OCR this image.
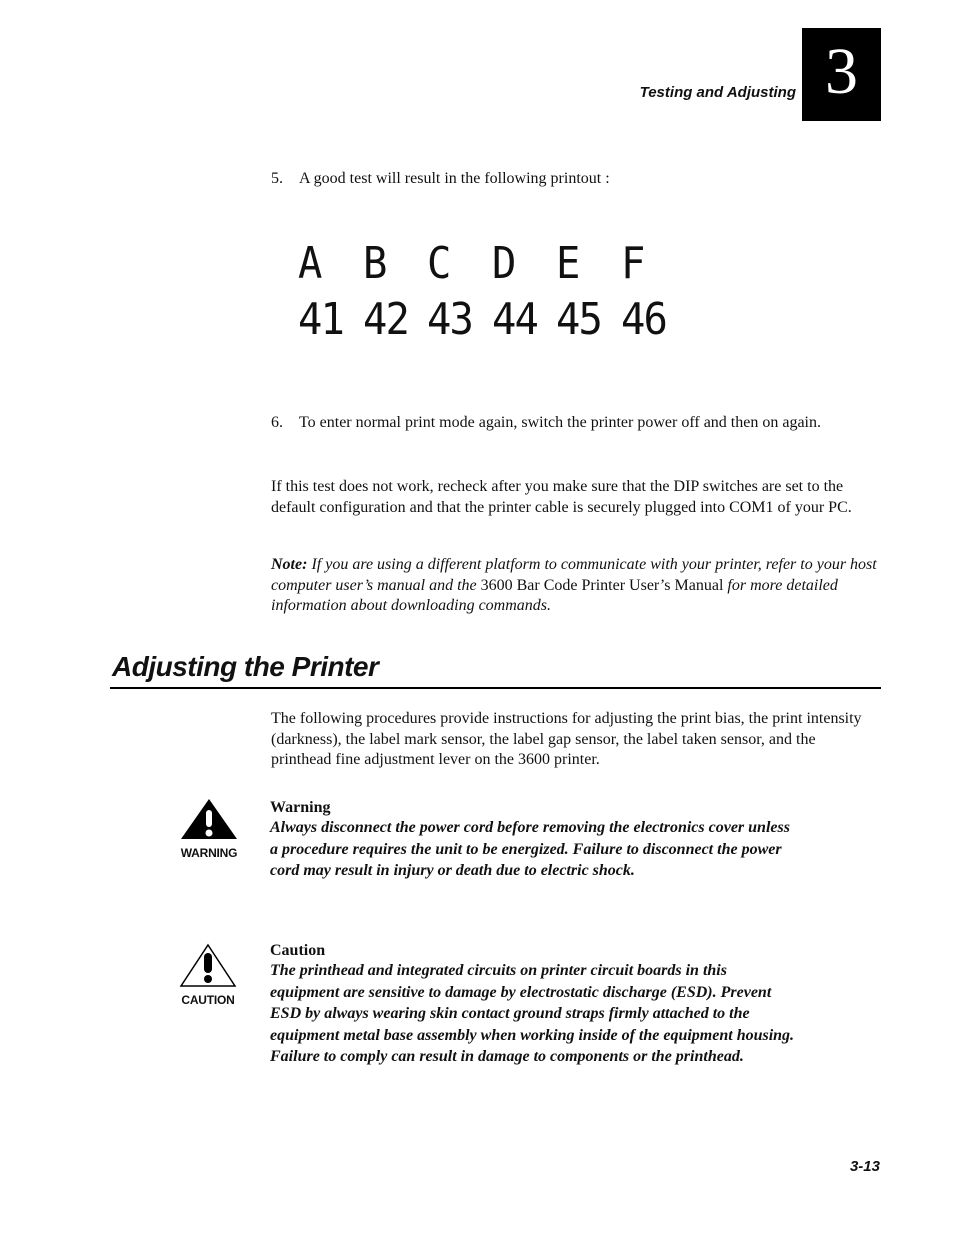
Testing and Adjusting 3
5.	A good test will result in the following printout :
A B C D E F
41 42 43 44 45 46
6.	To enter normal print mode again, switch the printer power off and then on again.
If this test does not work, recheck after you make sure that the DIP switches are set to the default configuration and that the printer cable is securely plugged into COM1 of your PC.
Note: If you are using a different platform to communicate with your printer, refer to your host computer user’s manual and the 3600 Bar Code Printer User’s Manual for more detailed information about downloading commands.
Adjusting the Printer
The following procedures provide instructions for adjusting the print bias, the print intensity (darkness), the label mark sensor, the label gap sensor, the label taken sensor, and the printhead fine adjustment lever on the 3600 printer.
WARNING
Warning
Always disconnect the power cord before removing the electronics cover unless a procedure requires the unit to be energized. Failure to disconnect the power cord may result in injury or death due to electric shock.
CAUTION
Caution
The printhead and integrated circuits on printer circuit boards in this equipment are sensitive to damage by electrostatic discharge (ESD). Prevent ESD by always wearing skin contact ground straps firmly attached to the equipment metal base assembly when working inside of the equipment housing. Failure to comply can result in damage to components or the printhead.
3-13
